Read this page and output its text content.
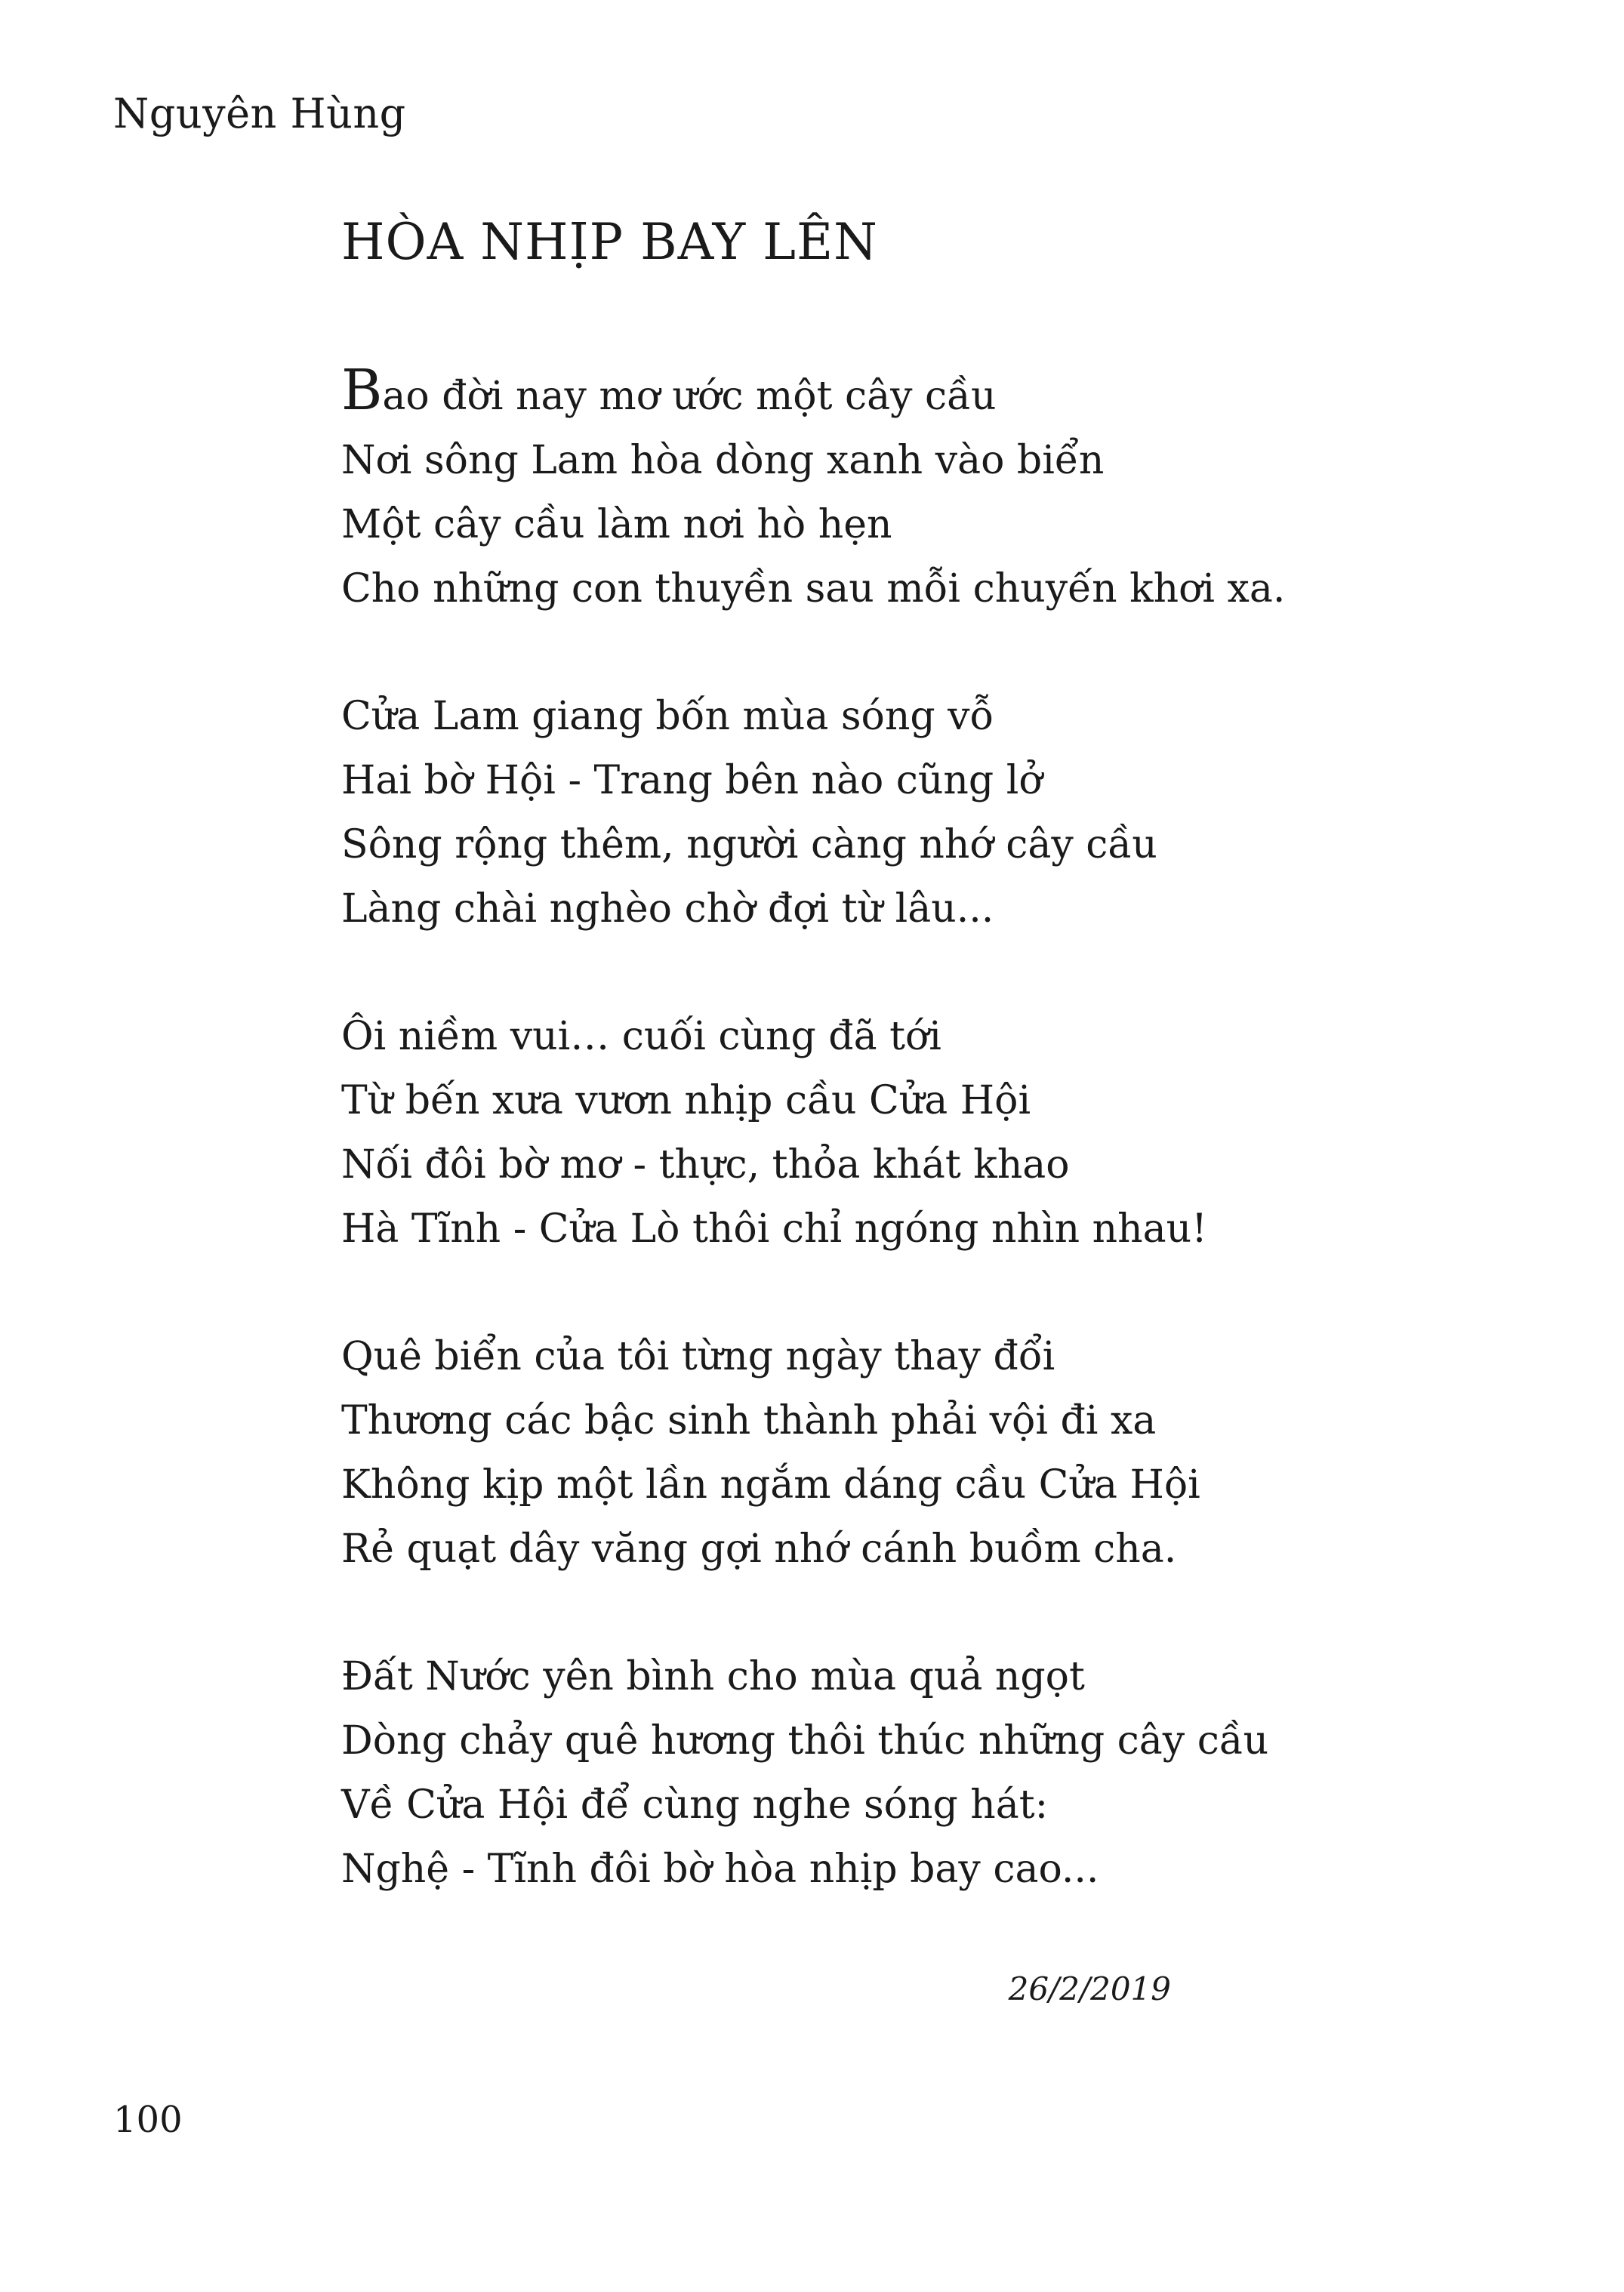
Nguyên Hùng
HÒA NHỊP BAY LÊN
Bao đời nay mơ ước một cây cầu
Nơi sông Lam hòa dòng xanh vào biển
Một cây cầu làm nơi hò hẹn
Cho những con thuyền sau mỗi chuyến khơi xa.
Cửa Lam giang bốn mùa sóng vỗ
Hai bờ Hội - Trang bên nào cũng lở
Sông rộng thêm, người càng nhớ cây cầu
Làng chài nghèo chờ đợi từ lâu...
Ôi niềm vui… cuối cùng đã tới
Từ bến xưa vươn nhịp cầu Cửa Hội
Nối đôi bờ mơ - thực, thỏa khát khao
Hà Tĩnh - Cửa Lò thôi chỉ ngóng nhìn nhau!
Quê biển của tôi từng ngày thay đổi
Thương các bậc sinh thành phải vội đi xa
Không kịp một lần ngắm dáng cầu Cửa Hội
Rẻ quạt dây văng gợi nhớ cánh buồm cha.
Đất Nước yên bình cho mùa quả ngọt
Dòng chảy quê hương thôi thúc những cây cầu
Về Cửa Hội để cùng nghe sóng hát:
Nghệ - Tĩnh đôi bờ hòa nhịp bay cao...
26/2/2019
100
